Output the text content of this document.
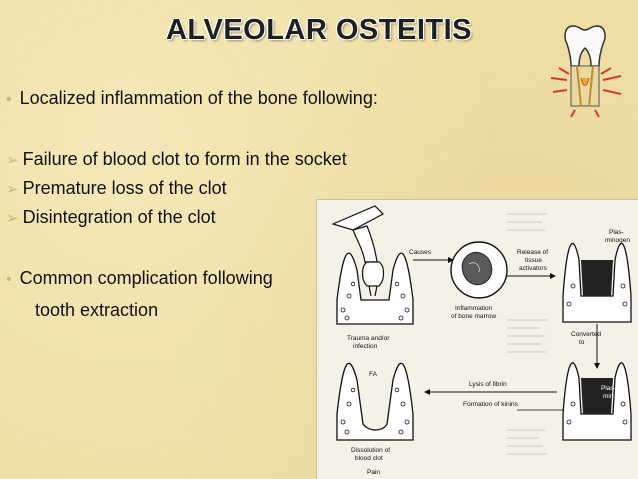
ALVEOLAR OSTEITIS
• Localized inflammation of the bone following:
➢ Failure of blood clot to form in the socket
➢ Premature loss of the clot
➢ Disintegration of the clot
• Common complication following
tooth extraction
Trauma and/or
infection
Causes
Inflammation
of bone marrow
Release of
tissue
activators
Plas-
minogen
Converted
to
Plas-
min
Lysis of fibrin
Formation of kinins
FA
Dissolution of
blood clot
Pain
